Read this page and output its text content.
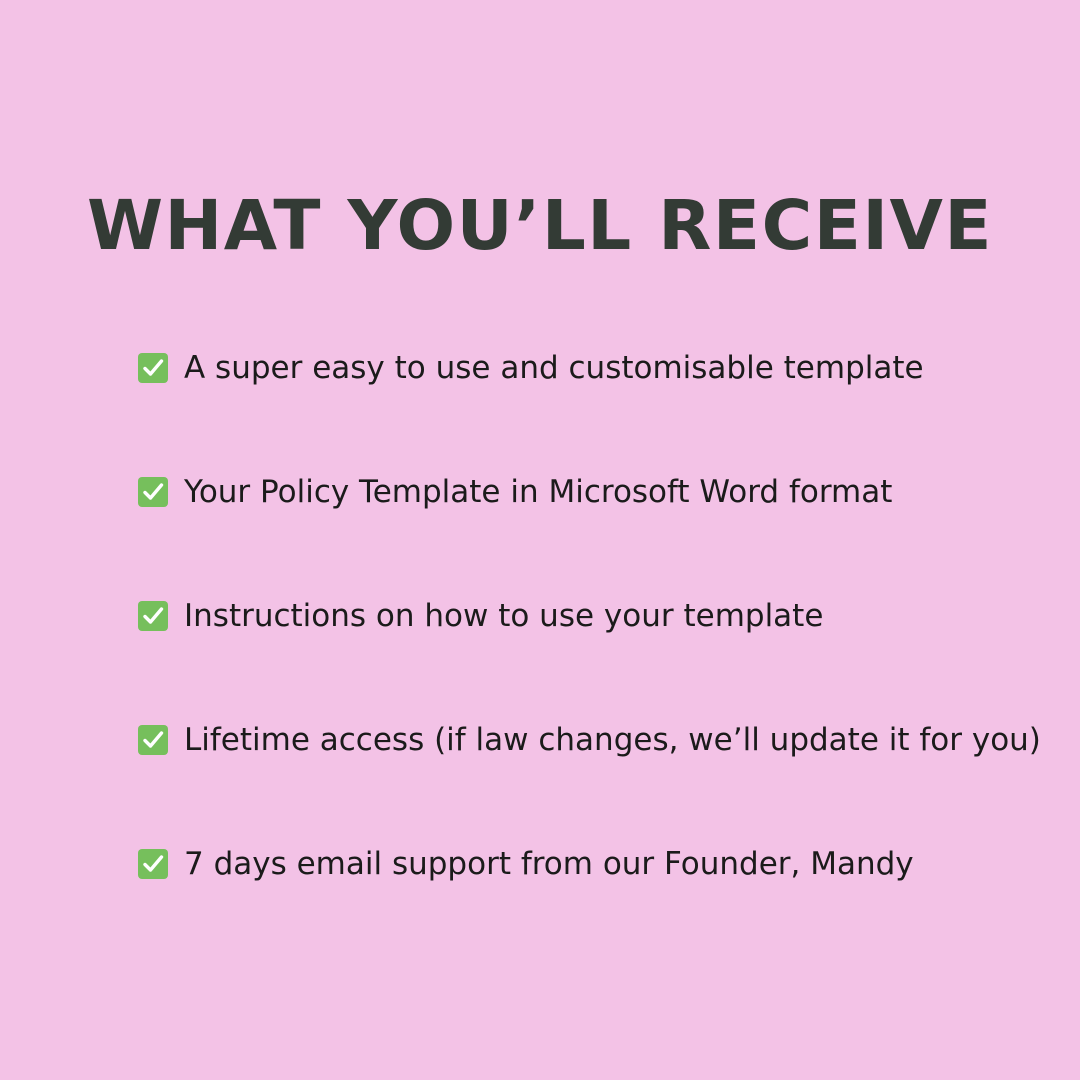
WHAT YOU’LL RECEIVE
A super easy to use and customisable template
Your Policy Template in Microsoft Word format
Instructions on how to use your template
Lifetime access (if law changes, we’ll update it for you)
7 days email support from our Founder, Mandy
